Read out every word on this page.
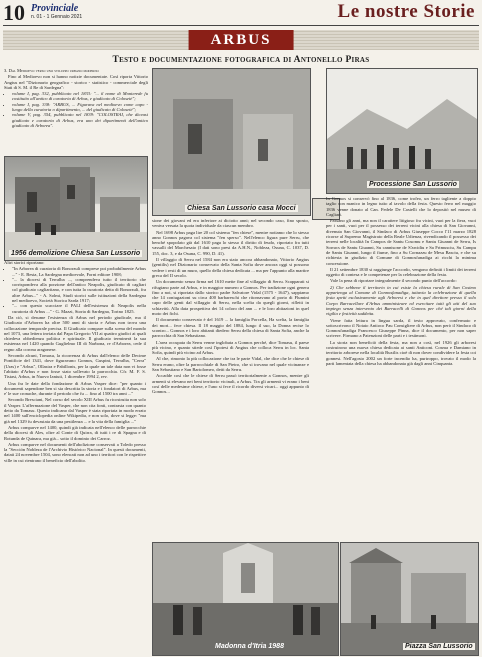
10 Provinciale
n. 01 - 1 Gennaio 2021	Le nostre Storie
ARBUS
Testo e documentazione fotografica di Antonello Piras

3. Dal Medioevo verso uno sviluppo urbano moderno

Fino al Medioevo non si hanno notizie documentate. Così riporta Vittorio Angius nel "Dizionario geografico - storico - statistico - commerciale degli Stati di S. M. il Re di Sardegna":

• volume I, pag. 332, pubblicato nel 1833: "... il nome di Monterede fu costituito all'antico di curatoria di Arbus, e giudicato di Coloseté";
• volume I, pag. 338: "ARBUS, ... Figurava nel medioevo come capo - luogo della curatoria o dipartimento, ... del giudicato di Coloseté";
• volume V, pag. 354, pubblicato nel 1839: "COLOSTRAI, che diceasi giudicato e curatoria di Arbus, era uno dei dipartimenti dell'antico giudicato di Arborea".
1956 demolizione Chiesa San Lussorio

Altri storici riportano:

• "In Arborea di curatoria di Bonorzuli comprese poi probabilmente Arbus ..." - E. Besta, La Sardegna medioevale, Forni editore 1908;
• "... la diocesi di Terralba ..., comprendeva tutto il territorio che corrispondeva alla porzione dell'antico Neapolis, giudicato di cagliari col giudicato cagliaritano, e con tutta la curatoria detta di Bonorzuli, fra altre Arbus..." - A. Solmi, Studi storici sulle istituzioni della Sardegna nel medioevo, Società Storica Sarda 1917;
• "... con questo scacciare il PALI dell'esistenza di Neapolis nella curatoria di Arbus ..." - G. Mazzi, Storia di Sardegna, Torino 1825.

Da ciò, si desume l'esistenza di Arbus nel periodo giudicale, ma il Giudicato d'Arborea ha oltre 500 anni di storia e Arbus non trova una collocazione temporale precisa. Il Giudicato compare sulla scena del mondo nel 1073, una lettera inviata dal Papa Gregorio VII ai quattro giudici ai quali chiedeva obbedienza politica e spirituale. Il giudicato terminerà la sua esistenza nel 1420 quando Guglielmo III di Narbona, re d'Arborea, cede il regno alla corona aragonese.

Secondo alcuni, Tomasu, la ricorrenza di Arbus dall'elenco delle Decime Pontificie del 1341, dove figuravano Gonnos, Guspini, Terralba, "Cerra" (Uras) e "Arbus", Ollastra e Pabillonis, per la quale un tale data non vi fosse l'abitato d'Arbus e non fosse stato sollevato la parrocchia. Cfr. M. F. S. Tistasi, Arbus, in Nuovo Ianiuti, 1 dicembre 1994 2, rev.

Una fra le date della fondazione di Arbus Vasper dice: "per quanto i documenti sapendone ben si sia descritta la storia e i fondatori di Arbus, ma e' le sue cronache, durante il periodo che fu ... fino al 1500 tra anni ..."

Secondo Bresciani, Nel corso del secolo XIII Arbus fu ricostruita non solo il Vasper. L'affermazione del Vasper, che non cita fonti, contrasta con quanto detto da Tomasu. Questo indicano dal Vasper è stata riportata in modo errato nel 1400 sull'enciclopedia online Wikipedia, e non solo, dove si legge: "ma già nel 1329 fu devastata da una pestilenza ... e la vita della famiglia ..."

Arbus comparve nel 1400, quindi già indicata nell'elenco delle parrocchie della diocesi di Ales, oltre al Conte di Quirra, di tutti i re di Spagna e di Rotunda de Quinara, ma già... sotto il dominio dei Carroz.

Arbus comparve nel documenti dell'abolizione conservati a Toledo presso la "Sección Nobleza de l'Archivio Histórico Nacional". In questi documenti, datati 24 novembre 1504, sono elencati non ad uno i territori con le rispettive ville in cui rientrano il beneficio dell'abolito.

Chiesa San Lussorio casa Mocci

sione dei giovani ed era inferiore ai diciotto anni; nel secondo caso, fino sposto, veniva versata la quota individuale da ciascun membro.

Nel 1698 Arbus paga lire 20 col sistema "fen chiese", mentre notiamo che lo stesso anno Gonnos pagava col sistema "fen sperso". Nell'elenco figura pure Serru, che benché spopolato già dal 1610 paga lo stesso il diritto di feudo, riportato fra tutti vassalli del Marchesato (I dati sono presi da A.H.N., Nobleza, Osuna, C. 1037, D. 155, doc. 3, e da Osuna, C. 990, D. 41).

Il villaggio di Serru nel 1584 non era stato ancora abbandonato, Vittorio Angius (gentilis) nel Dizionario conservato della Santa Sofia dove ancora oggi si possono vedere i resti di un muro, quello della chiesa dedicata ... ma per l'appunto alla martire greca del II secolo.

Un documento senza firma nel 1610 mette fine al villaggio di Serru. Scapparati si rifugiano parte ad Arbus, e in maggior numero a Gonnos. Per tradizione ogni genera fino a noi, si riportata dallo storico padre Salvatore Vidal (1575 - 1647), sappiamo che 14 coniugazioni su circa 400 barbareschi che ritornavano al porto di Flumini capo delle genti dal villaggio di Serru, nella scelta da quegli giorni, rifletti in schiavitù. Alla data prospettiva dei 14 coloro del ann ... e le loro abitazioni in quel moto dei fichi.

Il documento conservato è del 1619 ... la famiglia Porcella, Ha scelta, la famiglia dei mori... fece chiesa. Il 18 maggio del 1884, lungo il suo, la Donna recise lo scontro... Gonnos e i loro abitanti diedero Serru della chiesa di Santa Sofia, anche la parrocchia di San Sebastiano.

L'area occupata da Serru venne inglobata a Gonnos perché, dice Tomasu, il paese più vicino, e quanto stiede così l'ipotesi di Angius che colloca Serru in loc. Santa Sofia, quindi più vicino ad Arbus.

Al che, rimonto la più collocazione che tra le parte Vidal, che dice che le chiese di Serru erano, oltre la parrocchiale di San Pietro, che si trovano nel quale vicinanze e San Sebastiano e San Bartolomeo, detti da Serru.

Accadde così che le chiese di Serru passò territorialmente a Gonnos, mentre gli armenti si elevano nei beni territorio vicinali, a Arbus. Tra gli armenti vi erano i beni cosí delle medesime chiese, e l'uno si fece il ricordo diversi vicari... oggi appunto di Gonnos...

Processione San Lussorio

In Gonnos si conservò fino al 1836, come trofeo, un ferro tagliente a doppio taglio con manico in legno tutto al tavolo della festa. Questo ferro nel maggio 1836 venne donato al Can. Fedele De Castelli che lo depositò nel museo di Cagliari.

Passano gli anni, ma non il carattere litigioso fra vicini, vuoi per la fiera, vuoi per i santi, vuoi per il possesso dei terreni vicini alla chiesa di San Giovanni, divenuta San Giovanni, il Sindaco di Arbus Giuseppe Cocco l'11 marzo 1828 ricorse al Supremo Magistrato della Reale Udienza, rivendicando il possesso dei terreni nelle località In Campos de Santu Cosomu e Santu Giuanni de Serru, Is Sorracs de Santu Giuanni, Su cannisone de S'arcidiu e Sa Frimusciu, Su Campu de Santu Giuanni, lungo il fiume, fino a Su Cornazzu de Mesu Basciu, e che su richiesta in giudizio di Comune di Gonnosfanadiga ai ricchi la minima concessione.

Il 21 settembre 1830 si raggiunge l'accordo, vengono definiti i limiti dei terreni oggetto di contesa e le competenze per la celebrazione della festa.

Vale la pena di riportare integralmente il secondo punto dell'accordo:

2) Che sebbene il territorio in cui esiste la chiesa rurale di San Cosimo appartenga al Comune di Gonnosfanadiga, tuttavia la celebrazione di quella festa spetti esclusivamente agli Arboresi e che in quel direttore presso il solo Corpo Barracellare d'Arbus amministrare ed esercitare tutti gli atti del suo impiego senza intervento dei Barracelli di Gonnos per ché tali giorni della vigilia e festività suddetta.

Viene fatta lettura in lingua sarda, il testo approvato, confermato e sottoscrivono il Notaio Antioco Pau Consigliere di Arbus, non però il Sindaco di Gonnosfanadiga Francesco Giuseppe Pinna, dice il documento, per non saper scrivere. Firmano a Patenzioni delle parti e i testimoni.

La storia non beneficiò della festa, ma non a così, nel 1926 gli arboresi costruirono una nuova chiesa dedicata ai santi Anticoni. Cosma e Damiano in territorio arborese nella località Buxilis cioè di non dover condividere la festa coi gonnesi. Nell'agosto 2002 un forte incendio ha, purtroppo, trovato il modo la parti lamentata della chiesa ha abbandonata già dagli anni Cinquanta.

Madonna d'Itria 1988	Piazza San Lussorio
